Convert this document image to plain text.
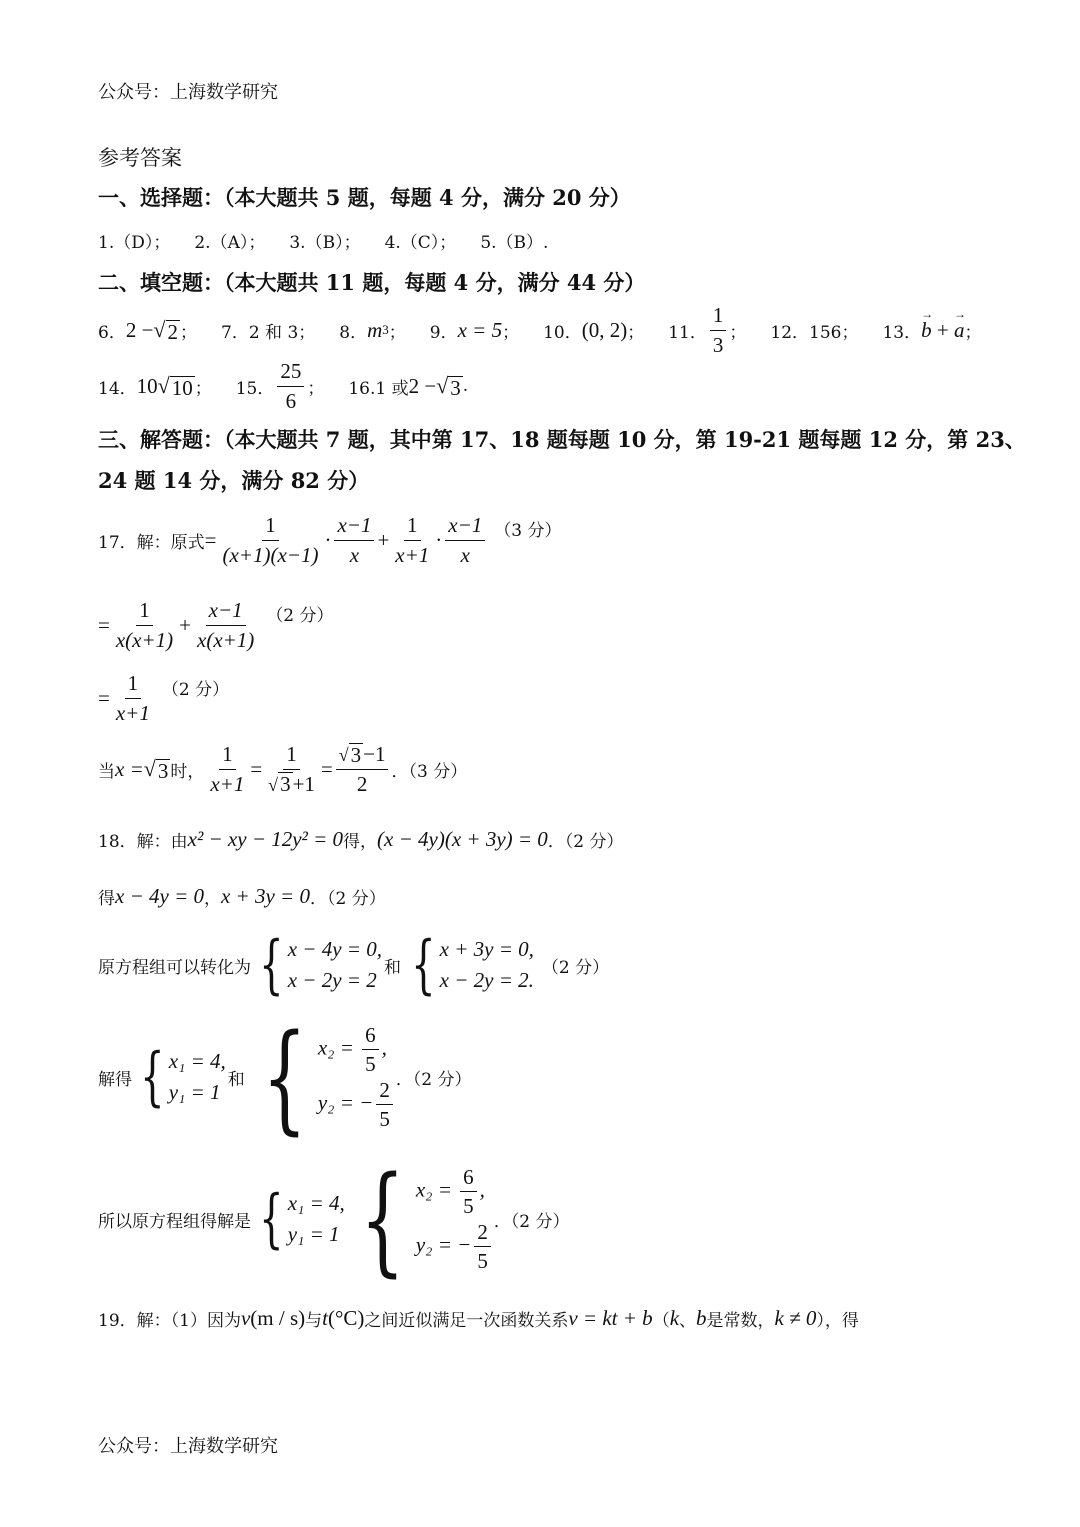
公众号：上海数学研究
参考答案
一、选择题：（本大题共 5 题，每题 4 分，满分 20 分）
1.（D）； 2.（A）； 3.（B）； 4.（C）； 5.（B）.
二、填空题：（本大题共 11 题，每题 4 分，满分 44 分）
6． 2 − √ 2 ； 7．2 和 3； 8． m 3 ； 9． x = 5 ； 10． (0, 2) ； 11． $\frac{1}{3}$ ； 12．156； 13．
→ b + → a ；
14． 10 √ 10 ； 15． $\frac{25}{6}$ ； 16.1 或 2 − √ 3 .
三、解答题：（本大题共 7 题，其中第 17、18 题每题 10 分，第 19-21 题每题 12 分，第 23、
24 题 14 分，满分 82 分）
17．解：原式 = $\frac{1}{(x+1)(x-1)} \cdot \frac{x-1}{x} + \frac{1}{x+1} \cdot \frac{x-1}{x} (3$ 分）
= $\frac{1}{x(x+1)} + \frac{x-1}{x(x+1)} (2$ 分）
= $\frac{1}{x+1} (2$ 分）
当 x = √ 3 时， $\frac{1}{x+1} = \frac{1}{√ 3 +1} = \frac{√ 3 -1}{2}$ ．（3 分）
18．解：由 x² − xy − 12y² = 0 得， (x − 4y)(x + 3y) = 0 ．（2 分）
得 x − 4y = 0 ， x + 3y = 0 ．（2 分）
原方程组可以转化为 { x − 4y = 0,
x − 2y = 2
和 { x + 3y = 0,
x − 2y = 2.
（2 分）
解得 { x₁ = 4,
y₁ = 1
和 { $x_2 = \frac{6}{5}$ ,
y₂ = − $\frac{2}{5}$ ．（2 分）
所以原方程组得解是 { x₁ = 4,
y₁ = 1 { $x_2 = \frac{6}{5}$ ,
y₂ = − $\frac{2}{5}$ ．（2 分）
19．解：（1）因为 v (m / s) 与 t (°C) 之间近似满足一次函数关系 v = kt + b （ k 、 b 是常数， k ≠ 0 ），得
公众号：上海数学研究
